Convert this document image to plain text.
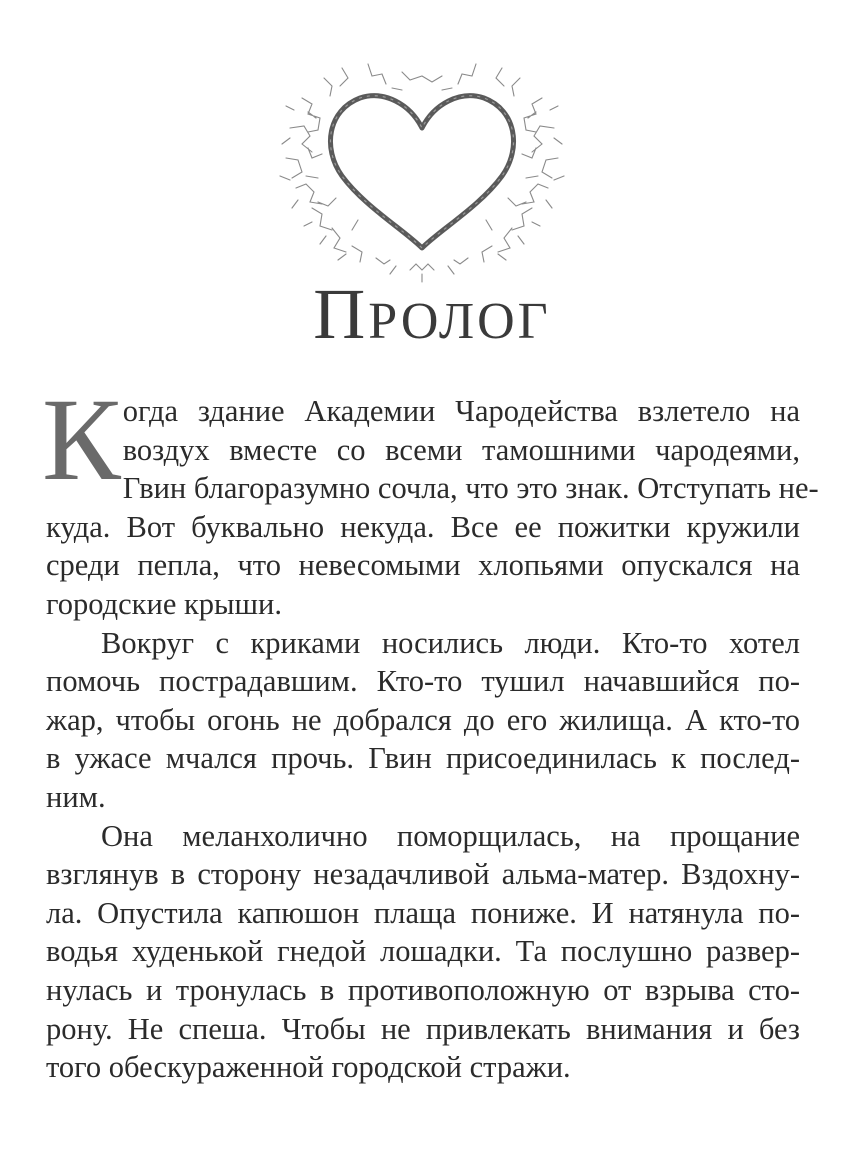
ПРОЛОГ
К огда здание Академии Чародейства взлетело на
воздух вместе со всеми тамошними чародеями,
Гвин благоразумно сочла, что это знак. Отступать не-
куда. Вот буквально некуда. Все ее пожитки кружили
среди пепла, что невесомыми хлопьями опускался на
городские крыши.
Вокруг с криками носились люди. Кто-то хотел
помочь пострадавшим. Кто-то тушил начавшийся по-
жар, чтобы огонь не добрался до его жилища. А кто-то
в ужасе мчался прочь. Гвин присоединилась к послед-
ним.
Она меланхолично поморщилась, на прощание
взглянув в сторону незадачливой альма-матер. Вздохну-
ла. Опустила капюшон плаща пониже. И натянула по-
водья худенькой гнедой лошадки. Та послушно развер-
нулась и тронулась в противоположную от взрыва сто-
рону. Не спеша. Чтобы не привлекать внимания и без
того обескураженной городской стражи.
